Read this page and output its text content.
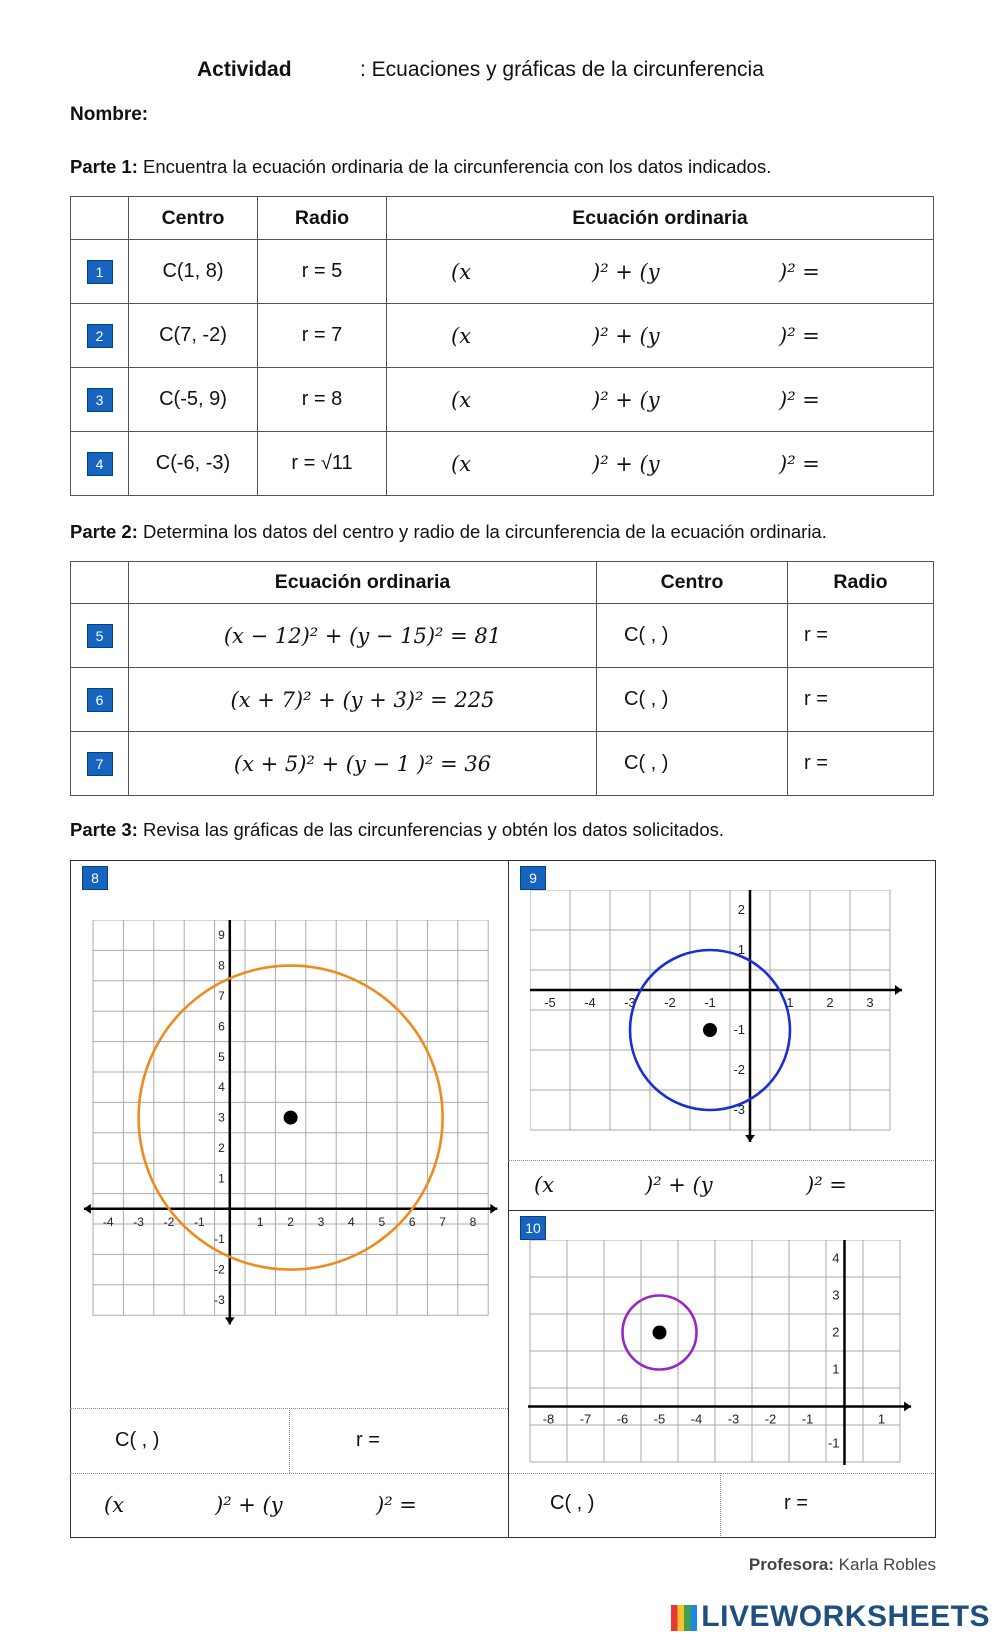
Actividad	: Ecuaciones y gráficas de la circunferencia
Nombre:
Parte 1: Encuentra la ecuación ordinaria de la circunferencia con los datos indicados.
	Centro	Radio	Ecuación ordinaria
1	C(1, 8)	r = 5	(x )² + (y )² =

2	C(7, -2)	r = 7	(x )² + (y )² =

3	C(-5, 9)	r = 8	(x )² + (y )² =

4	C(-6, -3)	r = √11	(x )² + (y )² =
Parte 2: Determina los datos del centro y radio de la circunferencia de la ecuación ordinaria.
	Ecuación ordinaria	Centro	Radio
5	(x − 12)² + (y − 15)² = 81	C( , )	r =
6	(x + 7)² + (y + 3)² = 225	C( , )	r =
7	(x + 5)² + (y − 1 )² = 36	C( , )	r =
Parte 3: Revisa las gráficas de las circunferencias y obtén los datos solicitados.
8	9
10
-4 -3 -2 -1	1 2 3 4 5 6 7 8
-3
-2
-1
1
2
3
4
5
6
7
8
9
-5 -4 -3 -2 -1	1	2	3
-3
-2
-1
1
2
-8 -7 -6 -5 -4 -3 -2 -1	1
-1
1
2
3
4
C( , )	r =
(x	)² + (y	)² =
(x	)² + (y	)² =
C( , )	r =
Profesora: Karla Robles
LIVEWORKSHEETS
